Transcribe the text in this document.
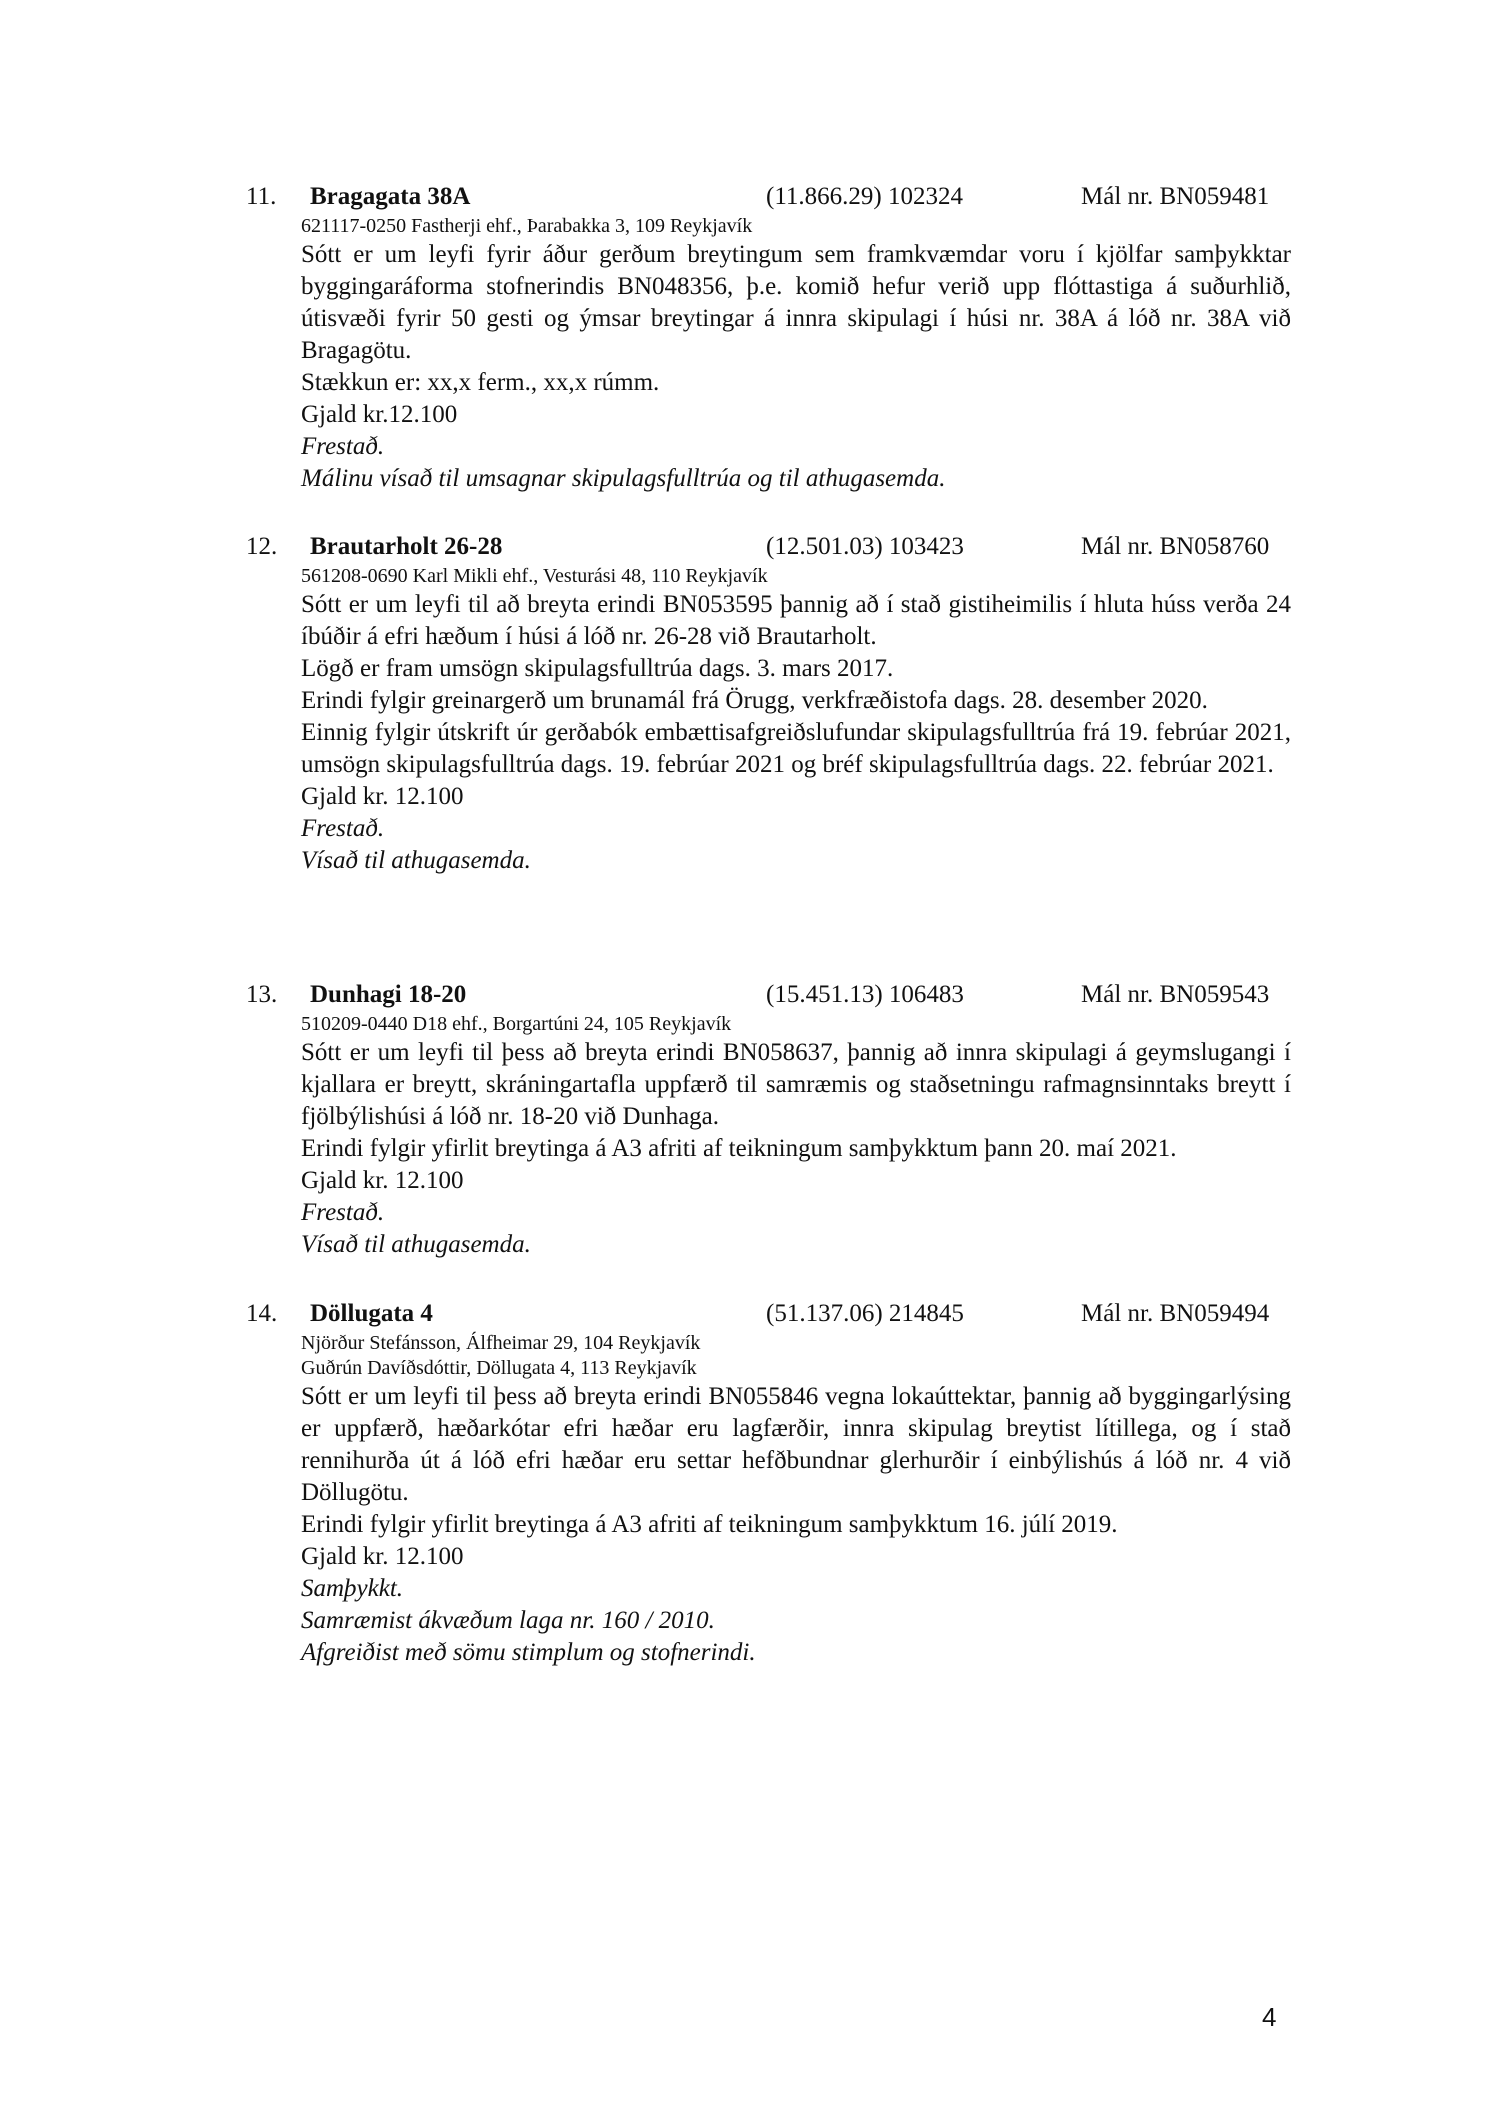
11. Bragagata 38A	(11.866.29) 102324	Mál nr. BN059481

621117-0250 Fastherji ehf., Þarabakka 3, 109 Reykjavík

Sótt er um leyfi fyrir áður gerðum breytingum sem framkvæmdar voru í kjölfar samþykktar byggingaráforma stofnerindis BN048356, þ.e. komið hefur verið upp flóttastiga á suðurhlið, útisvæði fyrir 50 gesti og ýmsar breytingar á innra skipulagi í húsi nr. 38A á lóð nr. 38A við Bragagötu.

Stækkun er: xx,x ferm., xx,x rúmm.

Gjald kr.12.100

Frestað.

Málinu vísað til umsagnar skipulagsfulltrúa og til athugasemda.

12. Brautarholt 26-28	(12.501.03) 103423	Mál nr. BN058760

561208-0690 Karl Mikli ehf., Vesturási 48, 110 Reykjavík

Sótt er um leyfi til að breyta erindi BN053595 þannig að í stað gistiheimilis í hluta húss verða 24 íbúðir á efri hæðum í húsi á lóð nr. 26-28 við Brautarholt.

Lögð er fram umsögn skipulagsfulltrúa dags. 3. mars 2017.

Erindi fylgir greinargerð um brunamál frá Örugg, verkfræðistofa dags. 28. desember 2020.

Einnig fylgir útskrift úr gerðabók embættisafgreiðslufundar skipulagsfulltrúa frá 19. febrúar 2021, umsögn skipulagsfulltrúa dags. 19. febrúar 2021 og bréf skipulagsfulltrúa dags. 22. febrúar 2021.

Gjald kr. 12.100

Frestað.

Vísað til athugasemda.

13. Dunhagi 18-20	(15.451.13) 106483	Mál nr. BN059543

510209-0440 D18 ehf., Borgartúni 24, 105 Reykjavík

Sótt er um leyfi til þess að breyta erindi BN058637, þannig að innra skipulagi á geymslugangi í kjallara er breytt, skráningartafla uppfærð til samræmis og staðsetningu rafmagnsinntaks breytt í fjölbýlishúsi á lóð nr. 18-20 við Dunhaga.

Erindi fylgir yfirlit breytinga á A3 afriti af teikningum samþykktum þann 20. maí 2021.

Gjald kr. 12.100

Frestað.

Vísað til athugasemda.

14. Döllugata 4	(51.137.06) 214845	Mál nr. BN059494

Njörður Stefánsson, Álfheimar 29, 104 Reykjavík

Guðrún Davíðsdóttir, Döllugata 4, 113 Reykjavík

Sótt er um leyfi til þess að breyta erindi BN055846 vegna lokaúttektar, þannig að byggingarlýsing er uppfærð, hæðarkótar efri hæðar eru lagfærðir, innra skipulag breytist lítillega, og í stað rennihurða út á lóð efri hæðar eru settar hefðbundnar glerhurðir í einbýlishús á lóð nr. 4 við Döllugötu.

Erindi fylgir yfirlit breytinga á A3 afriti af teikningum samþykktum 16. júlí 2019.

Gjald kr. 12.100

Samþykkt.

Samræmist ákvæðum laga nr. 160 / 2010.

Afgreiðist með sömu stimplum og stofnerindi.

4
